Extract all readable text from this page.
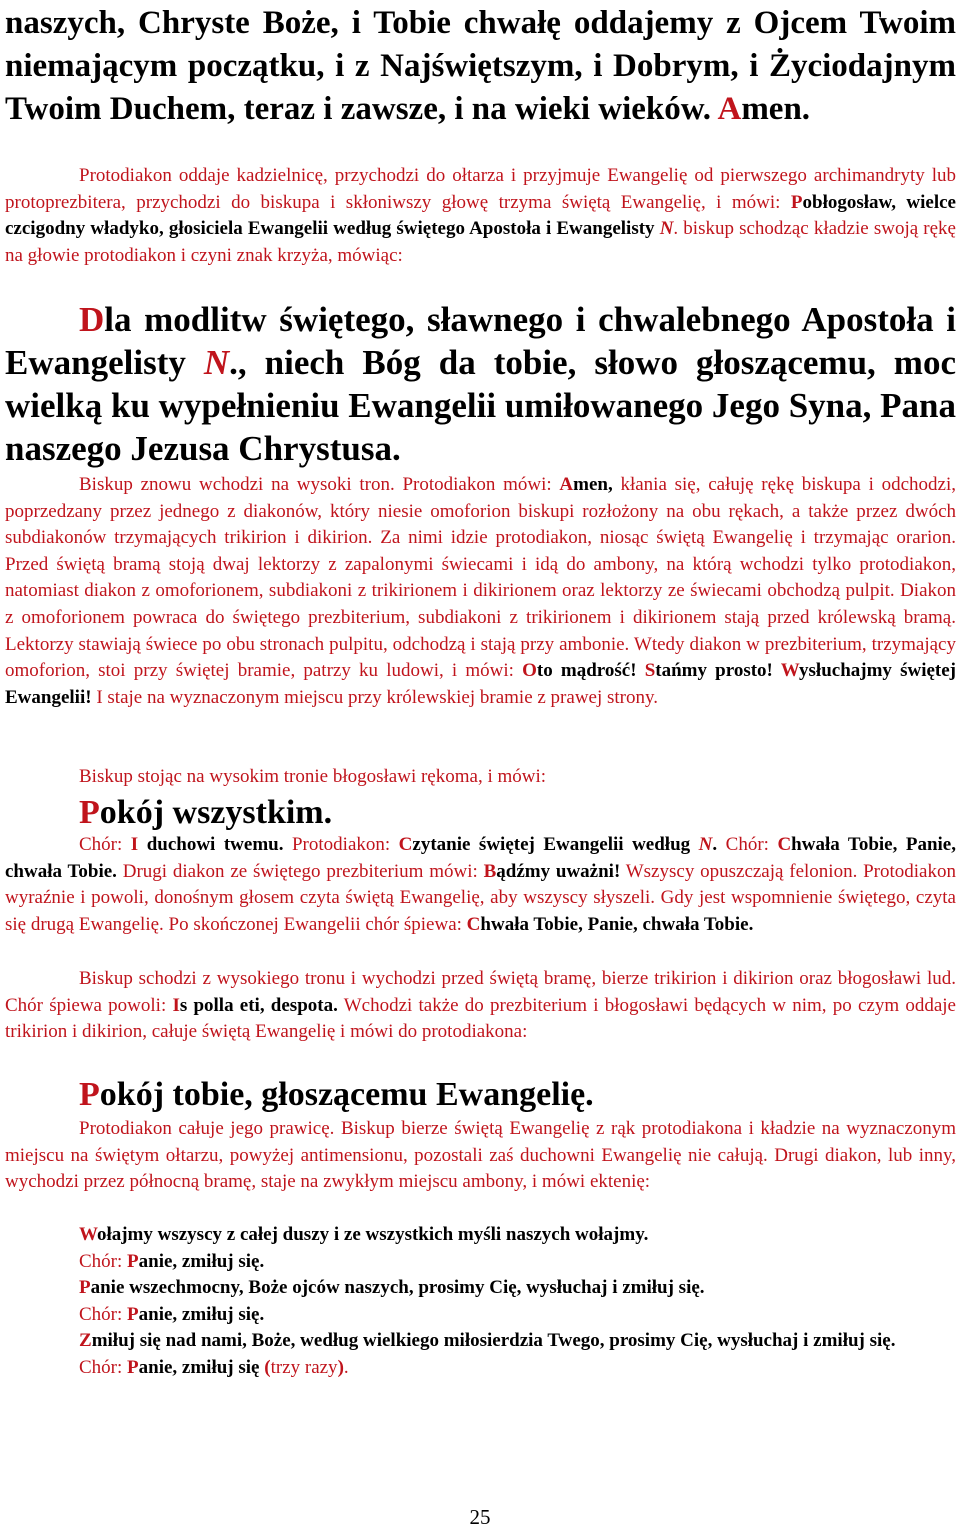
naszych, Chryste Boże, i Tobie chwałę oddajemy z Ojcem Twoim niemającym początku, i z Najświętszym, i Dobrym, i Życiodajnym Twoim Duchem, teraz i zawsze, i na wieki wieków. Amen.

Protodiakon oddaje kadzielnicę, przychodzi do ołtarza i przyjmuje Ewangelię od pierwszego archimandryty lub protoprezbitera, przychodzi do biskupa i skłoniwszy głowę trzyma świętą Ewangelię, i mówi: Pobłogosław, wielce czcigodny władyko, głosiciela Ewangelii według świętego Apostoła i Ewangelisty N. biskup schodząc kładzie swoją rękę na głowie protodiakon i czyni znak krzyża, mówiąc:

Dla modlitw świętego, sławnego i chwalebnego Apostoła i Ewangelisty N., niech Bóg da tobie, słowo głoszącemu, moc wielką ku wypełnieniu Ewangelii umiłowanego Jego Syna, Pana naszego Jezusa Chrystusa.

Biskup znowu wchodzi na wysoki tron. Protodiakon mówi: Amen, kłania się, całuję rękę biskupa i odchodzi, poprzedzany przez jednego z diakonów, który niesie omoforion biskupi rozłożony na obu rękach, a także przez dwóch subdiakonów trzymających trikirion i dikirion. Za nimi idzie protodiakon, niosąc świętą Ewangelię i trzymając orarion. Przed świętą bramą stoją dwaj lektorzy z zapalonymi świecami i idą do ambony, na którą wchodzi tylko protodiakon, natomiast diakon z omoforionem, subdiakoni z trikirionem i dikirionem oraz lektorzy ze świecami obchodzą pulpit. Diakon z omoforionem powraca do świętego prezbiterium, subdiakoni z trikirionem i dikirionem stają przed królewską bramą. Lektorzy stawiają świece po obu stronach pulpitu, odchodzą i stają przy ambonie. Wtedy diakon w prezbiterium, trzymający omoforion, stoi przy świętej bramie, patrzy ku ludowi, i mówi: Oto mądrość! Stańmy prosto! Wysłuchajmy świętej Ewangelii! I staje na wyznaczonym miejscu przy królewskiej bramie z prawej strony.

Biskup stojąc na wysokim tronie błogosławi rękoma, i mówi:

Pokój wszystkim.

Chór: I duchowi twemu. Protodiakon: Czytanie świętej Ewangelii według N. Chór: Chwała Tobie, Panie, chwała Tobie. Drugi diakon ze świętego prezbiterium mówi: Bądźmy uważni! Wszyscy opuszczają felonion. Protodiakon wyraźnie i powoli, donośnym głosem czyta świętą Ewangelię, aby wszyscy słyszeli. Gdy jest wspomnienie świętego, czyta się drugą Ewangelię. Po skończonej Ewangelii chór śpiewa: Chwała Tobie, Panie, chwała Tobie.

Biskup schodzi z wysokiego tronu i wychodzi przed świętą bramę, bierze trikirion i dikirion oraz błogosławi lud. Chór śpiewa powoli: Is polla eti, despota. Wchodzi także do prezbiterium i błogosławi będących w nim, po czym oddaje trikirion i dikirion, całuje świętą Ewangelię i mówi do protodiakona:

Pokój tobie, głoszącemu Ewangelię.

Protodiakon całuje jego prawicę. Biskup bierze świętą Ewangelię z rąk protodiakona i kładzie na wyznaczonym miejscu na świętym ołtarzu, powyżej antimensionu, pozostali zaś duchowni Ewangelię nie całują. Drugi diakon, lub inny, wychodzi przez północną bramę, staje na zwykłym miejscu ambony, i mówi ektenię:

Wołajmy wszyscy z całej duszy i ze wszystkich myśli naszych wołajmy.

Chór: Panie, zmiłuj się.

Panie wszechmocny, Boże ojców naszych, prosimy Cię, wysłuchaj i zmiłuj się.

Chór: Panie, zmiłuj się.

Zmiłuj się nad nami, Boże, według wielkiego miłosierdzia Twego, prosimy Cię, wysłuchaj i zmiłuj się.

Chór: Panie, zmiłuj się (trzy razy).

25
